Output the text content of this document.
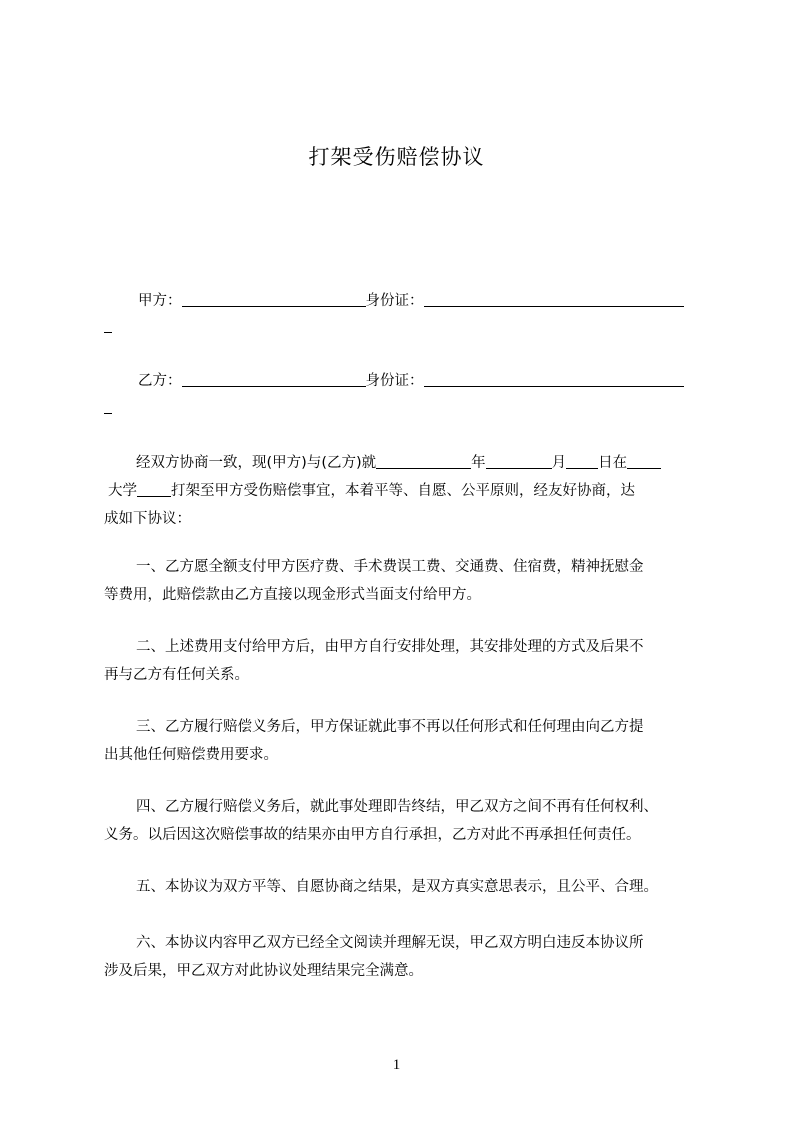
打架受伤赔偿协议
甲方：	身份证：
乙方：	身份证：
经双方协商一致，现(甲方)与(乙方)就	年	月 日在
大学 打架至甲方受伤赔偿事宜，本着平等、自愿、公平原则，经友好协商，达
成如下协议：
一、乙方愿全额支付甲方医疗费、手术费误工费、交通费、住宿费，精神抚慰金
等费用，此赔偿款由乙方直接以现金形式当面支付给甲方。
二、上述费用支付给甲方后，由甲方自行安排处理，其安排处理的方式及后果不
再与乙方有任何关系。
三、乙方履行赔偿义务后，甲方保证就此事不再以任何形式和任何理由向乙方提
出其他任何赔偿费用要求。
四、乙方履行赔偿义务后，就此事处理即告终结，甲乙双方之间不再有任何权利、
义务。以后因这次赔偿事故的结果亦由甲方自行承担，乙方对此不再承担任何责任。
五、本协议为双方平等、自愿协商之结果，是双方真实意思表示，且公平、合理。
六、本协议内容甲乙双方已经全文阅读并理解无误，甲乙双方明白违反本协议所
涉及后果，甲乙双方对此协议处理结果完全满意。
1
